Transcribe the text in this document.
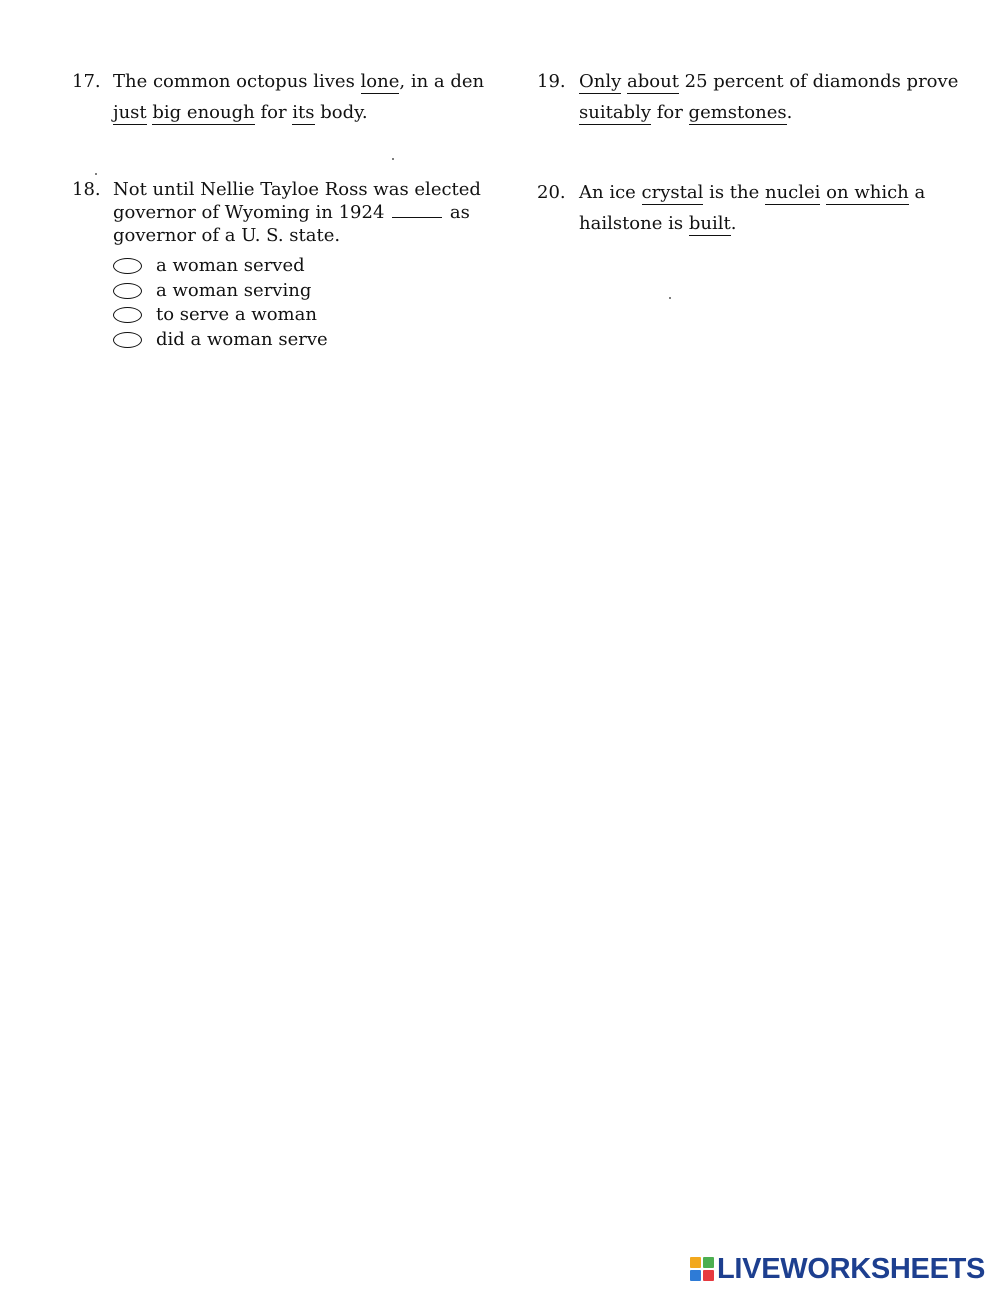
17. The common octopus lives lone, in a den
just big enough for its body.
18. Not until Nellie Tayloe Ross was elected
governor of Wyoming in 1924	as
governor of a U. S. state.
a woman served
a woman serving
to serve a woman
did a woman serve
19. Only about 25 percent of diamonds prove
suitably for gemstones.
20. An ice crystal is the nuclei on which a
hailstone is built.
LIVEWORKSHEETS
